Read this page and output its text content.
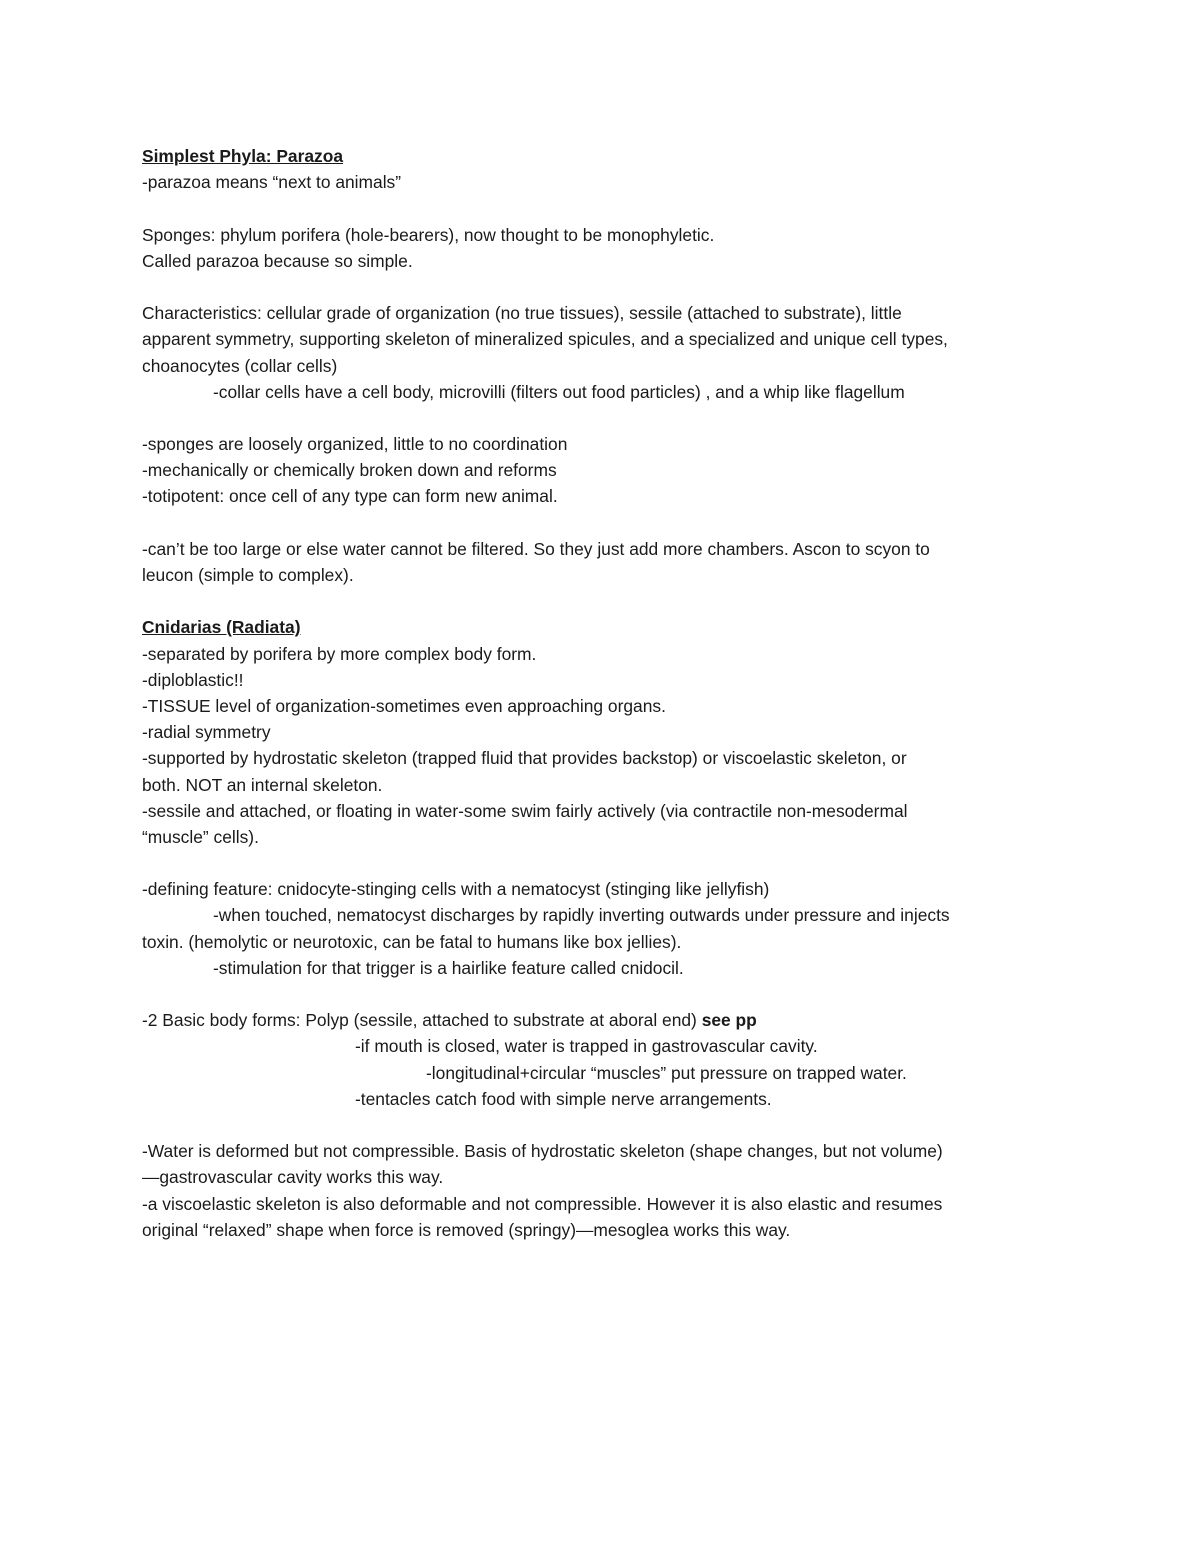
Simplest Phyla: Parazoa
-parazoa means “next to animals”
Sponges: phylum porifera (hole-bearers), now thought to be monophyletic.
Called parazoa because so simple.
Characteristics: cellular grade of organization (no true tissues), sessile (attached to substrate), little
apparent symmetry, supporting skeleton of mineralized spicules, and a specialized and unique cell types,
choanocytes (collar cells)
-collar cells have a cell body, microvilli (filters out food particles) , and a whip like flagellum
-sponges are loosely organized, little to no coordination
-mechanically or chemically broken down and reforms
-totipotent: once cell of any type can form new animal.
-can’t be too large or else water cannot be filtered. So they just add more chambers. Ascon to scyon to
leucon (simple to complex).
Cnidarias (Radiata)
-separated by porifera by more complex body form.
-diploblastic!!
-TISSUE level of organization-sometimes even approaching organs.
-radial symmetry
-supported by hydrostatic skeleton (trapped fluid that provides backstop) or viscoelastic skeleton, or
both. NOT an internal skeleton.
-sessile and attached, or floating in water-some swim fairly actively (via contractile non-mesodermal
“muscle” cells).
-defining feature: cnidocyte-stinging cells with a nematocyst (stinging like jellyfish)
-when touched, nematocyst discharges by rapidly inverting outwards under pressure and injects
toxin. (hemolytic or neurotoxic, can be fatal to humans like box jellies).
-stimulation for that trigger is a hairlike feature called cnidocil.
-2 Basic body forms: Polyp (sessile, attached to substrate at aboral end) see pp
-if mouth is closed, water is trapped in gastrovascular cavity.
-longitudinal+circular “muscles” put pressure on trapped water.
-tentacles catch food with simple nerve arrangements.
-Water is deformed but not compressible. Basis of hydrostatic skeleton (shape changes, but not volume)
—gastrovascular cavity works this way.
-a viscoelastic skeleton is also deformable and not compressible. However it is also elastic and resumes
original “relaxed” shape when force is removed (springy)—mesoglea works this way.
